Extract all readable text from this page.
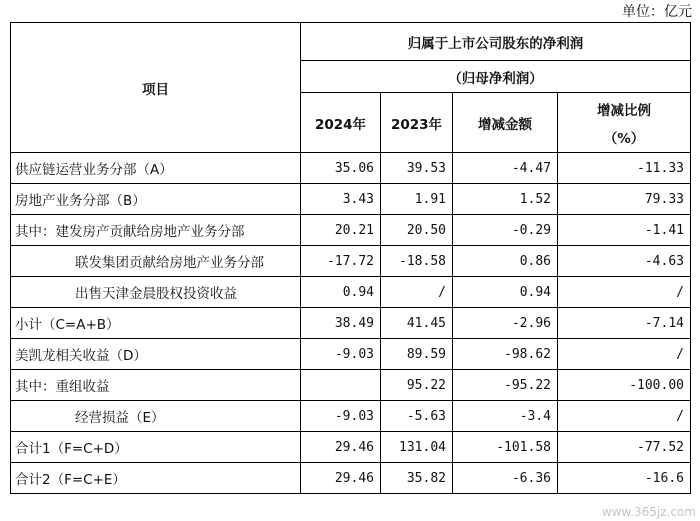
单位：亿元
项目	归属于上市公司股东的净利润			
	（归母净利润）			
	2024年	2023年	增减金额	增减比例
（%）

供应链运营业务分部（A）	35.06	39.53	-4.47	-11.33
房地产业务分部（B）	3.43	1.91	1.52	79.33
其中：建发房产贡献给房地产业务分部	20.21	20.50	-0.29	-1.41
联发集团贡献给房地产业务分部	-17.72	-18.58	0.86	-4.63
出售天津金晨股权投资收益	0.94	/	0.94	/
小计（C=A+B）	38.49	41.45	-2.96	-7.14
美凯龙相关收益（D）	-9.03	89.59	-98.62	/
其中：重组收益		95.22	-95.22	-100.00
经营损益（E）	-9.03	-5.63	-3.4	/
合计1（F=C+D）	29.46	131.04	-101.58	-77.52
合计2（F=C+E）	29.46	35.82	-6.36	-16.6
www.365jz.com
